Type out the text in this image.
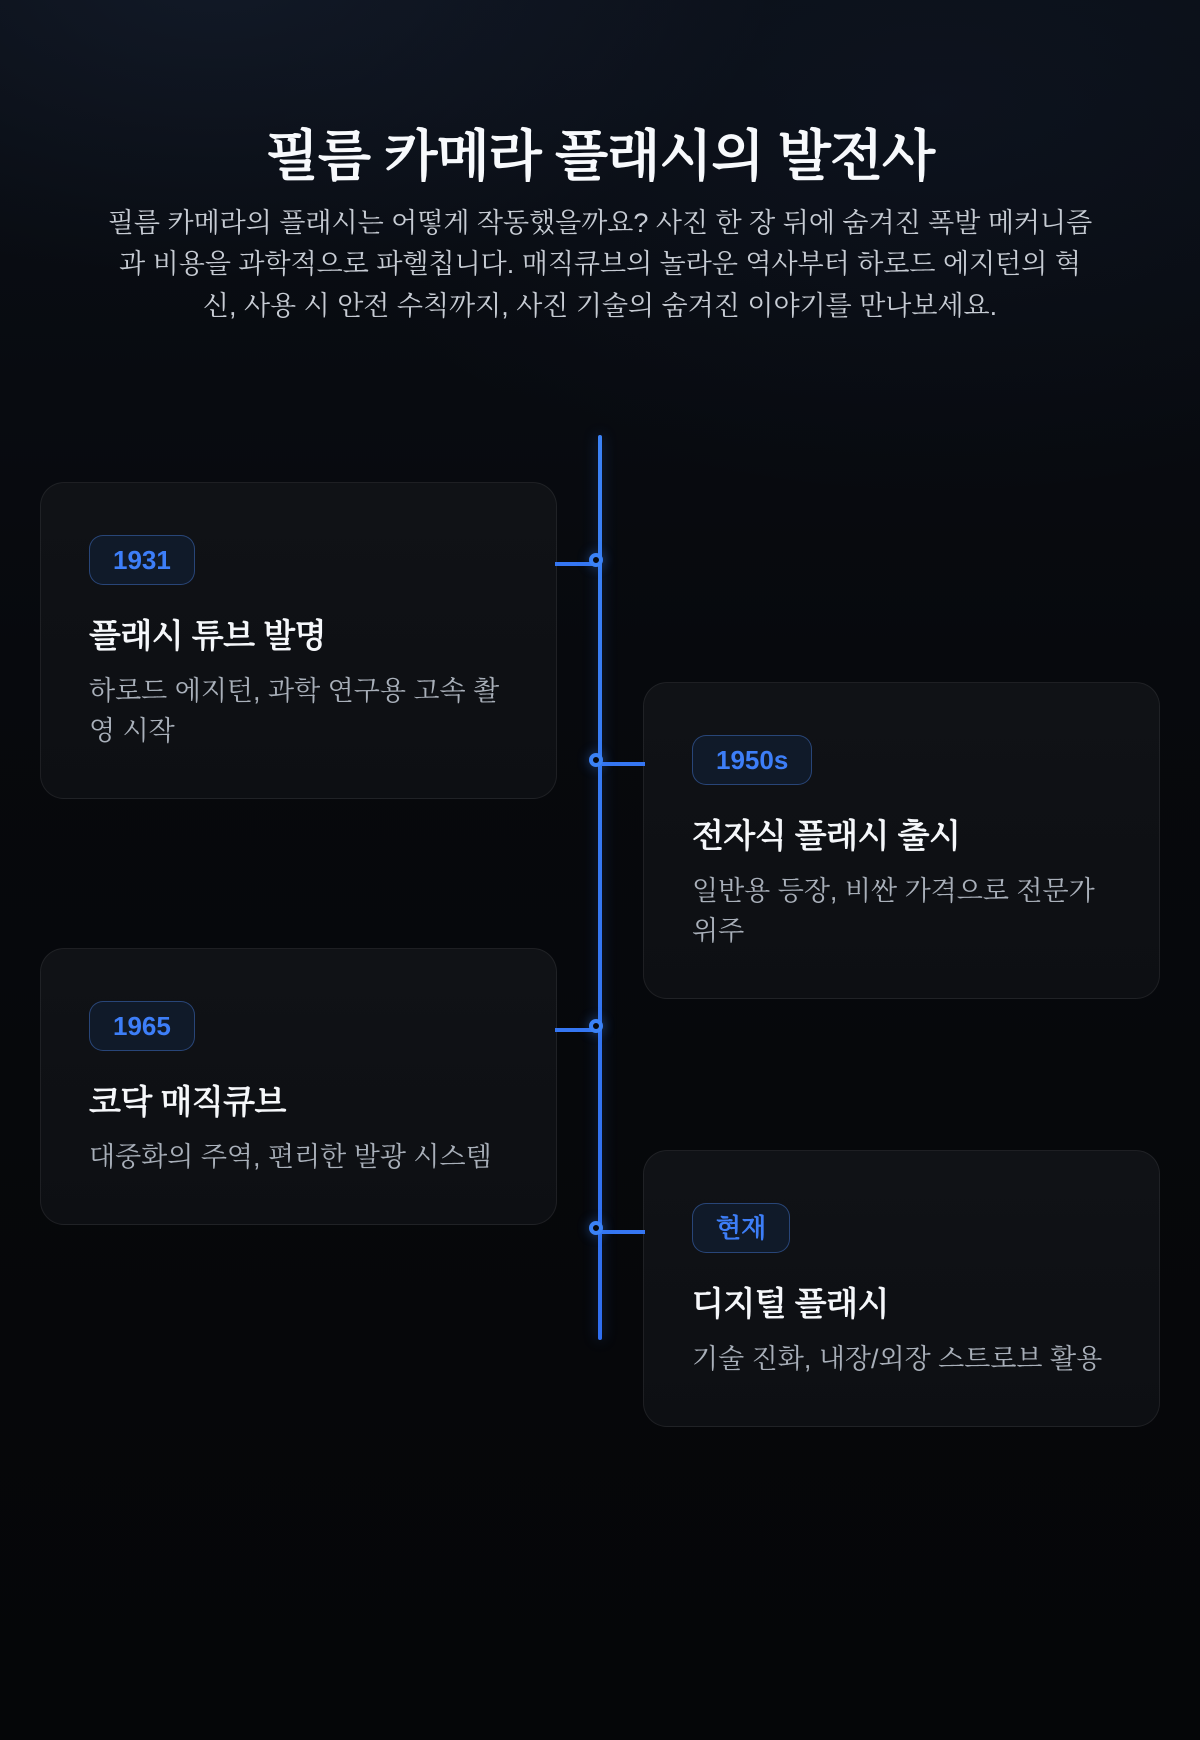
필름 카메라 플래시의 발전사

필름 카메라의 플래시는 어떻게 작동했을까요? 사진 한 장 뒤에 숨겨진 폭발 메커니즘과 비용을 과학적으로 파헬칩니다. 매직큐브의 놀라운 역사부터 하로드 에지턴의 혁신, 사용 시 안전 수칙까지, 사진 기술의 숨겨진 이야기를 만나보세요.

1931
플래시 튜브 발명

하로드 에지턴, 과학 연구용 고속 촬영 시작

1950s
전자식 플래시 출시

일반용 등장, 비싼 가격으로 전문가 위주

1965
코닥 매직큐브

대중화의 주역, 편리한 발광 시스템

현재
디지털 플래시

기술 진화, 내장/외장 스트로브 활용
